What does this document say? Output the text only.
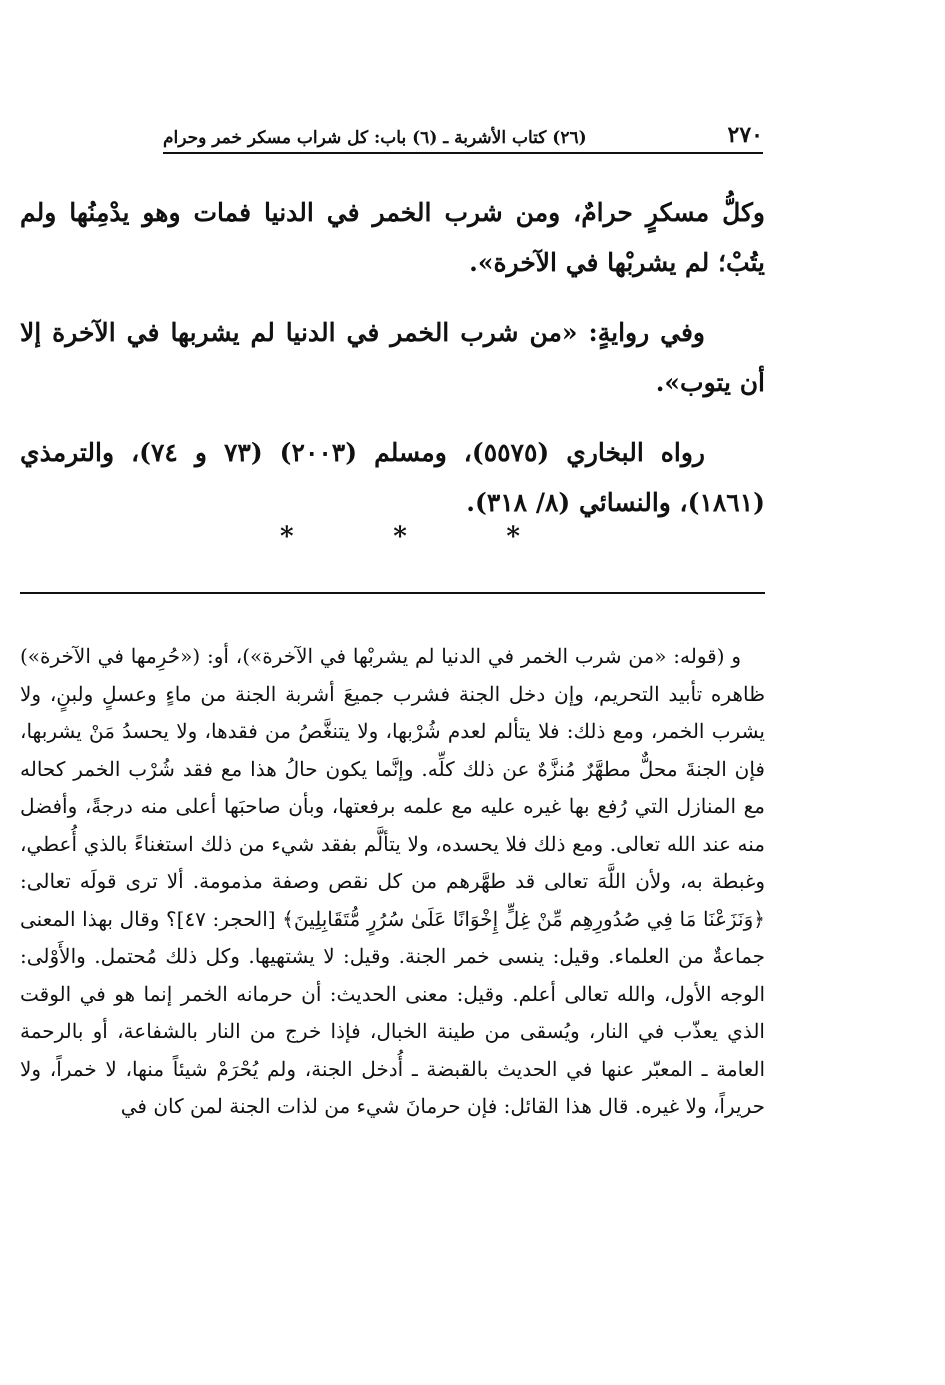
(٢٦) كتاب الأشربة ـ (٦) باب: كل شراب مسكر خمر وحرام	٢٧٠

وكلُّ مسكرٍ حرامٌ، ومن شرب الخمر في الدنيا فمات وهو يدْمِنُها ولم يتُبْ؛ لم يشربْها في الآخرة».

وفي روايةٍ: «من شرب الخمر في الدنيا لم يشربها في الآخرة إلا أن يتوب».

رواه البخاري (٥٥٧٥)، ومسلم (٢٠٠٣) (٧٣ و ٧٤)، والترمذي (١٨٦١)، والنسائي (٨/ ٣١٨).

*
*
*

و (قوله: «من شرب الخمر في الدنيا لم يشربْها في الآخرة»)، أو: («حُرِمها في الآخرة») ظاهره تأبيد التحريم، وإن دخل الجنة فشرب جميعَ أشربة الجنة من ماءٍ وعسلٍ ولبنٍ، ولا يشرب الخمر، ومع ذلك: فلا يتألم لعدم شُرْبها، ولا يتنغَّصُ من فقدها، ولا يحسدُ مَنْ يشربها، فإن الجنةَ محلٌّ مطهَّرٌ مُنزَّهٌ عن ذلك كلِّه. وإنَّما يكون حالُ هذا مع فقد شُرْب الخمر كحاله مع المنازل التي رُفع بها غيره عليه مع علمه برفعتها، وبأن صاحبَها أعلى منه درجةً، وأفضل منه عند الله تعالى. ومع ذلك فلا يحسده، ولا يتألَّم بفقد شيء من ذلك استغناءً بالذي أُعطي، وغبطة به، ولأن اللَّهَ تعالى قد طهَّرهم من كل نقص وصفة مذمومة. ألا ترى قولَه تعالى: ﴿وَنَزَعْنَا مَا فِي صُدُورِهِم مِّنْ غِلٍّ إِخْوَانًا عَلَىٰ سُرُرٍ مُّتَقَابِلِينَ﴾ [الحجر: ٤٧]؟ وقال بهذا المعنى جماعةٌ من العلماء. وقيل: ينسى خمر الجنة. وقيل: لا يشتهيها. وكل ذلك مُحتمل. والأَوْلى: الوجه الأول، والله تعالى أعلم. وقيل: معنى الحديث: أن حرمانه الخمر إنما هو في الوقت الذي يعذّب في النار، ويُسقى من طينة الخبال، فإذا خرج من النار بالشفاعة، أو بالرحمة العامة ـ المعبّر عنها في الحديث بالقبضة ـ أُدخل الجنة، ولم يُحْرَمْ شيئاً منها، لا خمراً، ولا حريراً، ولا غيره. قال هذا القائل: فإن حرمانَ شيء من لذات الجنة لمن كان في
